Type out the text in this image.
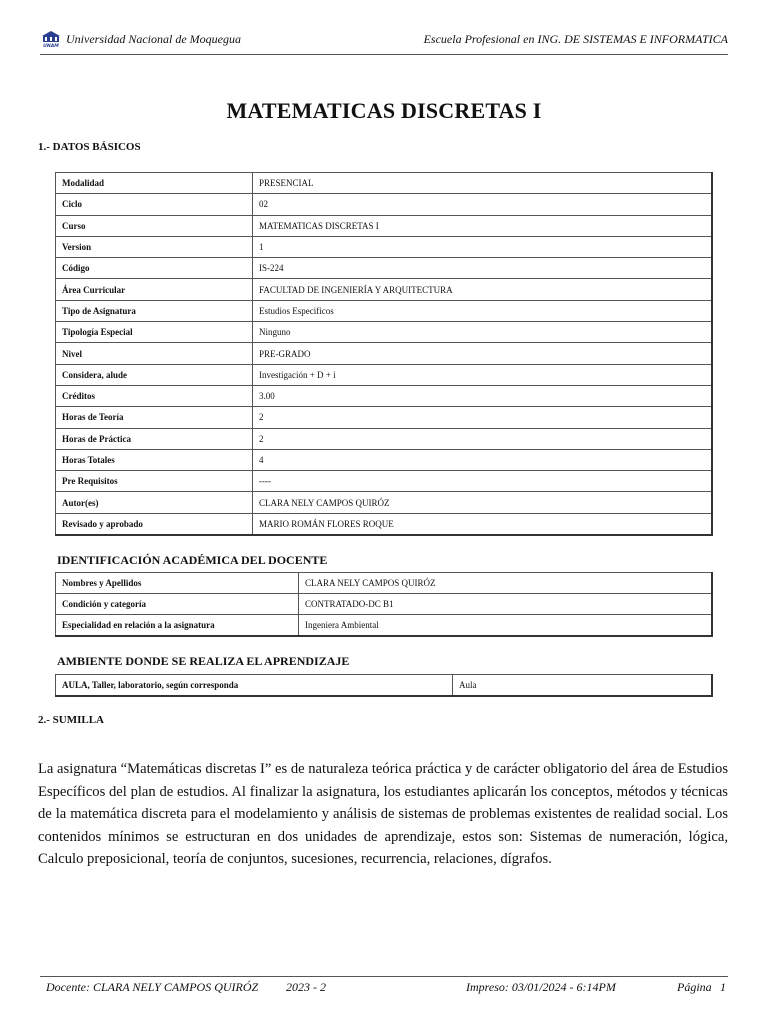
UNAM
Universidad Nacional de Moquegua	Escuela Profesional en ING. DE SISTEMAS E INFORMATICA
MATEMATICAS DISCRETAS I
1.- DATOS BÁSICOS
Modalidad	PRESENCIAL
Ciclo	02
Curso	MATEMATICAS DISCRETAS I
Version	1
Código	IS-224
Área Curricular	FACULTAD DE INGENIERÍA Y ARQUITECTURA
Tipo de Asignatura	Estudios Especificos
Tipología Especial	Ninguno
Nivel	PRE-GRADO
Considera, alude	Investigación + D + i
Créditos	3.00
Horas de Teoría	2
Horas de Práctica	2
Horas Totales	4
Pre Requisitos	----
Autor(es)	CLARA NELY CAMPOS QUIRÓZ
Revisado y aprobado	MARIO ROMÁN FLORES ROQUE
IDENTIFICACIÓN ACADÉMICA DEL DOCENTE
Nombres y Apellidos	CLARA NELY CAMPOS QUIRÓZ
Condición y categoría	CONTRATADO-DC B1
Especialidad en relación a la asignatura	Ingeniera Ambiental
AMBIENTE DONDE SE REALIZA EL APRENDIZAJE
AULA, Taller, laboratorio, según corresponda	Aula
2.- SUMILLA
La asignatura “Matemáticas discretas I” es de naturaleza teórica práctica y de carácter obligatorio del área de Estudios Específicos del plan de estudios. Al finalizar la asignatura, los estudiantes aplicarán los conceptos, métodos y técnicas de la matemática discreta para el modelamiento y análisis de sistemas de problemas existentes de realidad social. Los contenidos mínimos se estructuran en dos unidades de aprendizaje, estos son: Sistemas de numeración, lógica, Calculo preposicional, teoría de conjuntos, sucesiones, recurrencia, relaciones, dígrafos.
Docente: CLARA NELY CAMPOS QUIRÓZ 2023 - 2	Impreso: 03/01/2024 - 6:14PM	Página 1
